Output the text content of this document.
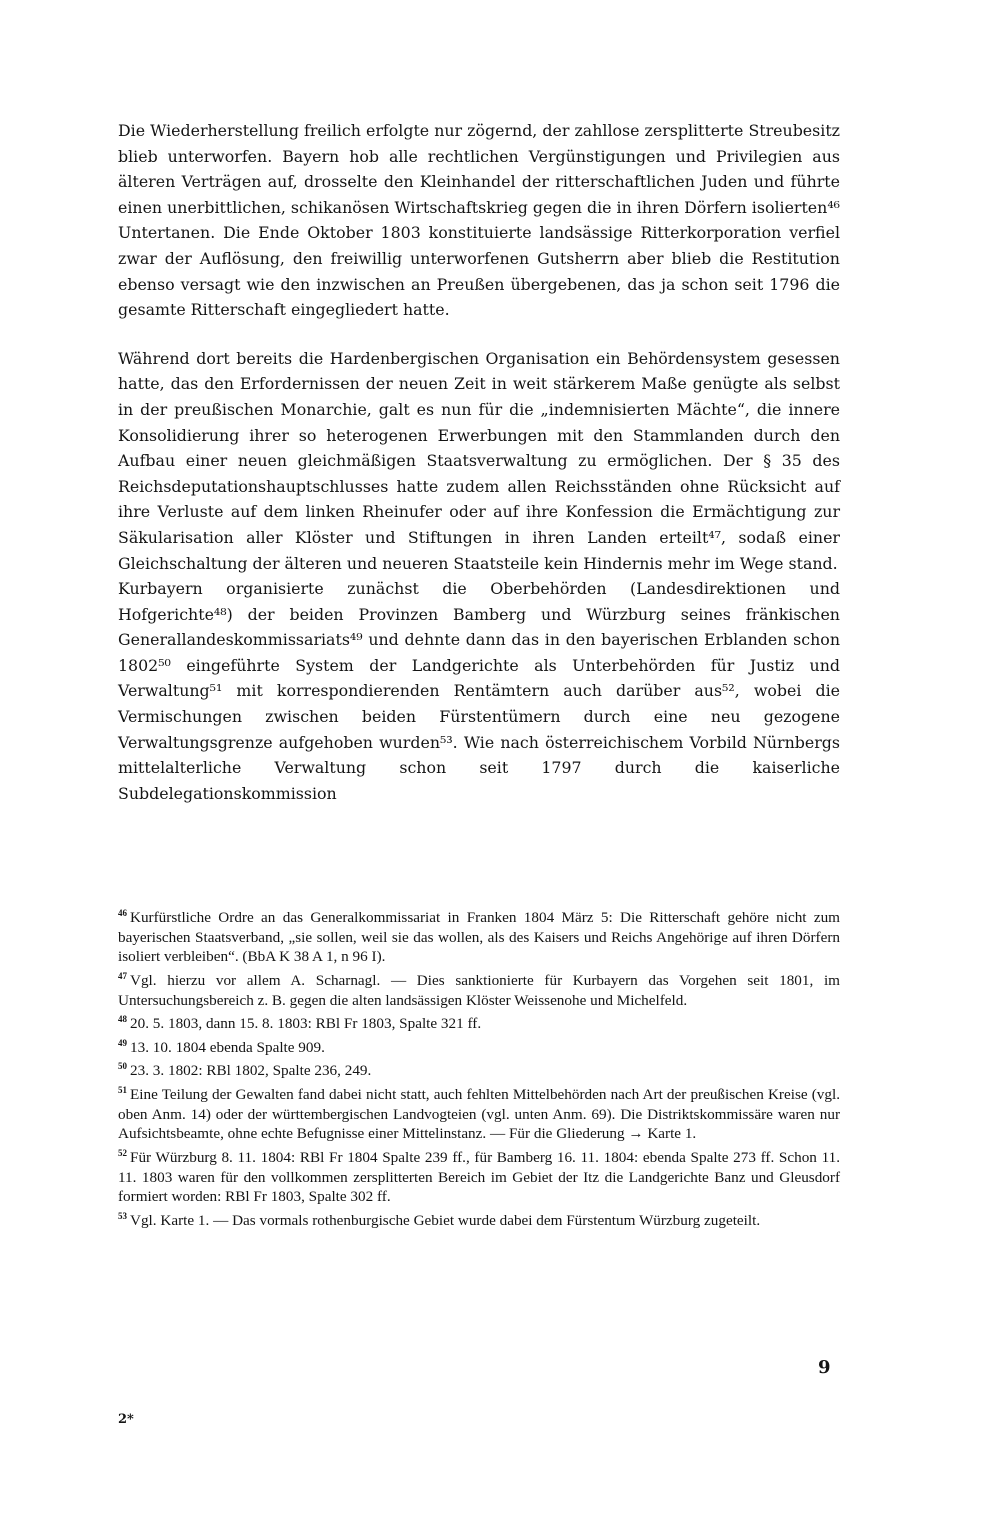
Die Wiederherstellung freilich erfolgte nur zögernd, der zahllose zersplitterte Streubesitz blieb unterworfen. Bayern hob alle rechtlichen Vergünstigungen und Privilegien aus älteren Verträgen auf, drosselte den Kleinhandel der ritterschaftlichen Juden und führte einen unerbittlichen, schikanösen Wirtschaftskrieg gegen die in ihren Dörfern isolierten⁴⁶ Untertanen. Die Ende Oktober 1803 konstituierte landsässige Ritterkorporation verfiel zwar der Auflösung, den freiwillig unterworfenen Gutsherrn aber blieb die Restitution ebenso versagt wie den inzwischen an Preußen übergebenen, das ja schon seit 1796 die gesamte Ritterschaft eingegliedert hatte.

Während dort bereits die Hardenbergischen Organisation ein Behördensystem gesessen hatte, das den Erfordernissen der neuen Zeit in weit stärkerem Maße genügte als selbst in der preußischen Monarchie, galt es nun für die „indemnisierten Mächte“, die innere Konsolidierung ihrer so heterogenen Erwerbungen mit den Stammlanden durch den Aufbau einer neuen gleichmäßigen Staatsverwaltung zu ermöglichen. Der § 35 des Reichsdeputationshauptschlusses hatte zudem allen Reichsständen ohne Rücksicht auf ihre Verluste auf dem linken Rheinufer oder auf ihre Konfession die Ermächtigung zur Säkularisation aller Klöster und Stiftungen in ihren Landen erteilt⁴⁷, sodaß einer Gleichschaltung der älteren und neueren Staatsteile kein Hindernis mehr im Wege stand.

Kurbayern organisierte zunächst die Oberbehörden (Landesdirektionen und Hofgerichte⁴⁸) der beiden Provinzen Bamberg und Würzburg seines fränkischen Generallandeskommissariats⁴⁹ und dehnte dann das in den bayerischen Erblanden schon 1802⁵⁰ eingeführte System der Landgerichte als Unterbehörden für Justiz und Verwaltung⁵¹ mit korrespondierenden Rentämtern auch darüber aus⁵², wobei die Vermischungen zwischen beiden Fürstentümern durch eine neu gezogene Verwaltungsgrenze aufgehoben wurden⁵³. Wie nach österreichischem Vorbild Nürnbergs mittelalterliche Verwaltung schon seit 1797 durch die kaiserliche Subdelegationskommission

$^{46}$ Kurfürstliche Ordre an das Generalkommissariat in Franken 1804 März 5: Die Ritterschaft gehöre nicht zum bayerischen Staatsverband, „sie sollen, weil sie das wollen, als des Kaisers und Reichs Angehörige auf ihren Dörfern isoliert verbleiben“. (BbA K 38 A 1, n 96 I).

$^{47}$ Vgl. hierzu vor allem A. Scharnagl. — Dies sanktionierte für Kurbayern das Vorgehen seit 1801, im Untersuchungsbereich z. B. gegen die alten landsässigen Klöster Weissenohe und Michelfeld.

$^{48}$ 20. 5. 1803, dann 15. 8. 1803: RBl Fr 1803, Spalte 321 ff.

$^{49}$ 13. 10. 1804 ebenda Spalte 909.

$^{50}$ 23. 3. 1802: RBl 1802, Spalte 236, 249.

$^{51}$ Eine Teilung der Gewalten fand dabei nicht statt, auch fehlten Mittelbehörden nach Art der preußischen Kreise (vgl. oben Anm. 14) oder der württembergischen Landvogteien (vgl. unten Anm. 69). Die Distriktskommissäre waren nur Aufsichtsbeamte, ohne echte Befugnisse einer Mittelinstanz. — Für die Gliederung → Karte 1.

$^{52}$ Für Würzburg 8. 11. 1804: RBl Fr 1804 Spalte 239 ff., für Bamberg 16. 11. 1804: ebenda Spalte 273 ff. Schon 11. 11. 1803 waren für den vollkommen zersplitterten Bereich im Gebiet der Itz die Landgerichte Banz und Gleusdorf formiert worden: RBl Fr 1803, Spalte 302 ff.

$^{53}$ Vgl. Karte 1. — Das vormals rothenburgische Gebiet wurde dabei dem Fürstentum Würzburg zugeteilt.

9
2*
